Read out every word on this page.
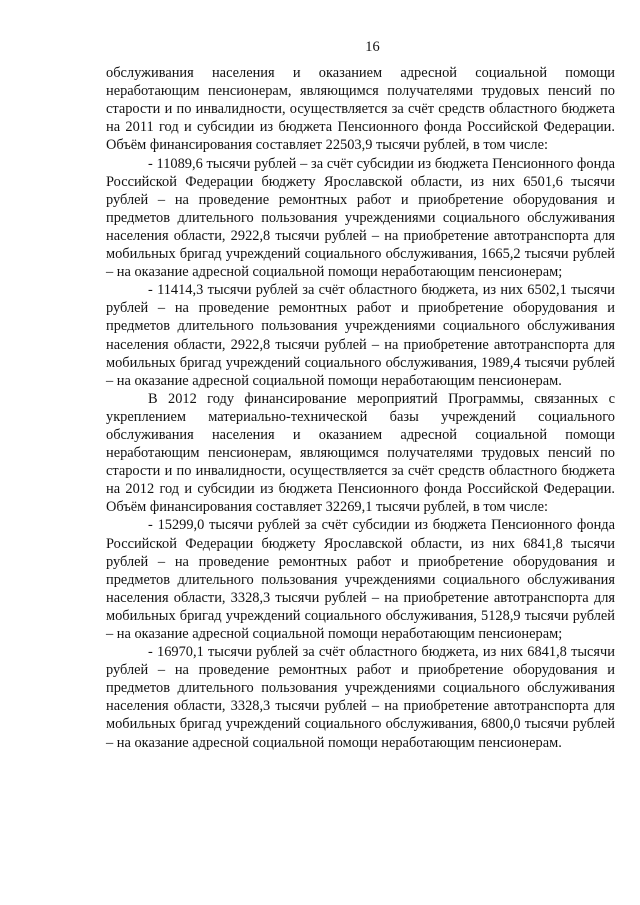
16

обслуживания населения и оказанием адресной социальной помощи неработающим пенсионерам, являющимся получателями трудовых пенсий по старости и по инвалидности, осуществляется за счёт средств областного бюджета на 2011 год и субсидии из бюджета Пенсионного фонда Российской Федерации. Объём финансирования составляет 22503,9 тысячи рублей, в том числе:

- 11089,6 тысячи рублей – за счёт субсидии из бюджета Пенсионного фонда Российской Федерации бюджету Ярославской области, из них 6501,6 тысячи рублей – на проведение ремонтных работ и приобретение оборудования и предметов длительного пользования учреждениями социального обслуживания населения области, 2922,8 тысячи рублей – на приобретение автотранспорта для мобильных бригад учреждений социального обслуживания, 1665,2 тысячи рублей – на оказание адресной социальной помощи неработающим пенсионерам;

- 11414,3 тысячи рублей за счёт областного бюджета, из них 6502,1 тысячи рублей – на проведение ремонтных работ и приобретение оборудования и предметов длительного пользования учреждениями социального обслуживания населения области, 2922,8 тысячи рублей – на приобретение автотранспорта для мобильных бригад учреждений социального обслуживания, 1989,4 тысячи рублей – на оказание адресной социальной помощи неработающим пенсионерам.

В 2012 году финансирование мероприятий Программы, связанных с укреплением материально-технической базы учреждений социального обслуживания населения и оказанием адресной социальной помощи неработающим пенсионерам, являющимся получателями трудовых пенсий по старости и по инвалидности, осуществляется за счёт средств областного бюджета на 2012 год и субсидии из бюджета Пенсионного фонда Российской Федерации. Объём финансирования составляет 32269,1 тысячи рублей, в том числе:

- 15299,0 тысячи рублей за счёт субсидии из бюджета Пенсионного фонда Российской Федерации бюджету Ярославской области, из них 6841,8 тысячи рублей – на проведение ремонтных работ и приобретение оборудования и предметов длительного пользования учреждениями социального обслуживания населения области, 3328,3 тысячи рублей – на приобретение автотранспорта для мобильных бригад учреждений социального обслуживания, 5128,9 тысячи рублей – на оказание адресной социальной помощи неработающим пенсионерам;

- 16970,1 тысячи рублей за счёт областного бюджета, из них 6841,8 тысячи рублей – на проведение ремонтных работ и приобретение оборудования и предметов длительного пользования учреждениями социального обслуживания населения области, 3328,3 тысячи рублей – на приобретение автотранспорта для мобильных бригад учреждений социального обслуживания, 6800,0 тысячи рублей – на оказание адресной социальной помощи неработающим пенсионерам.
